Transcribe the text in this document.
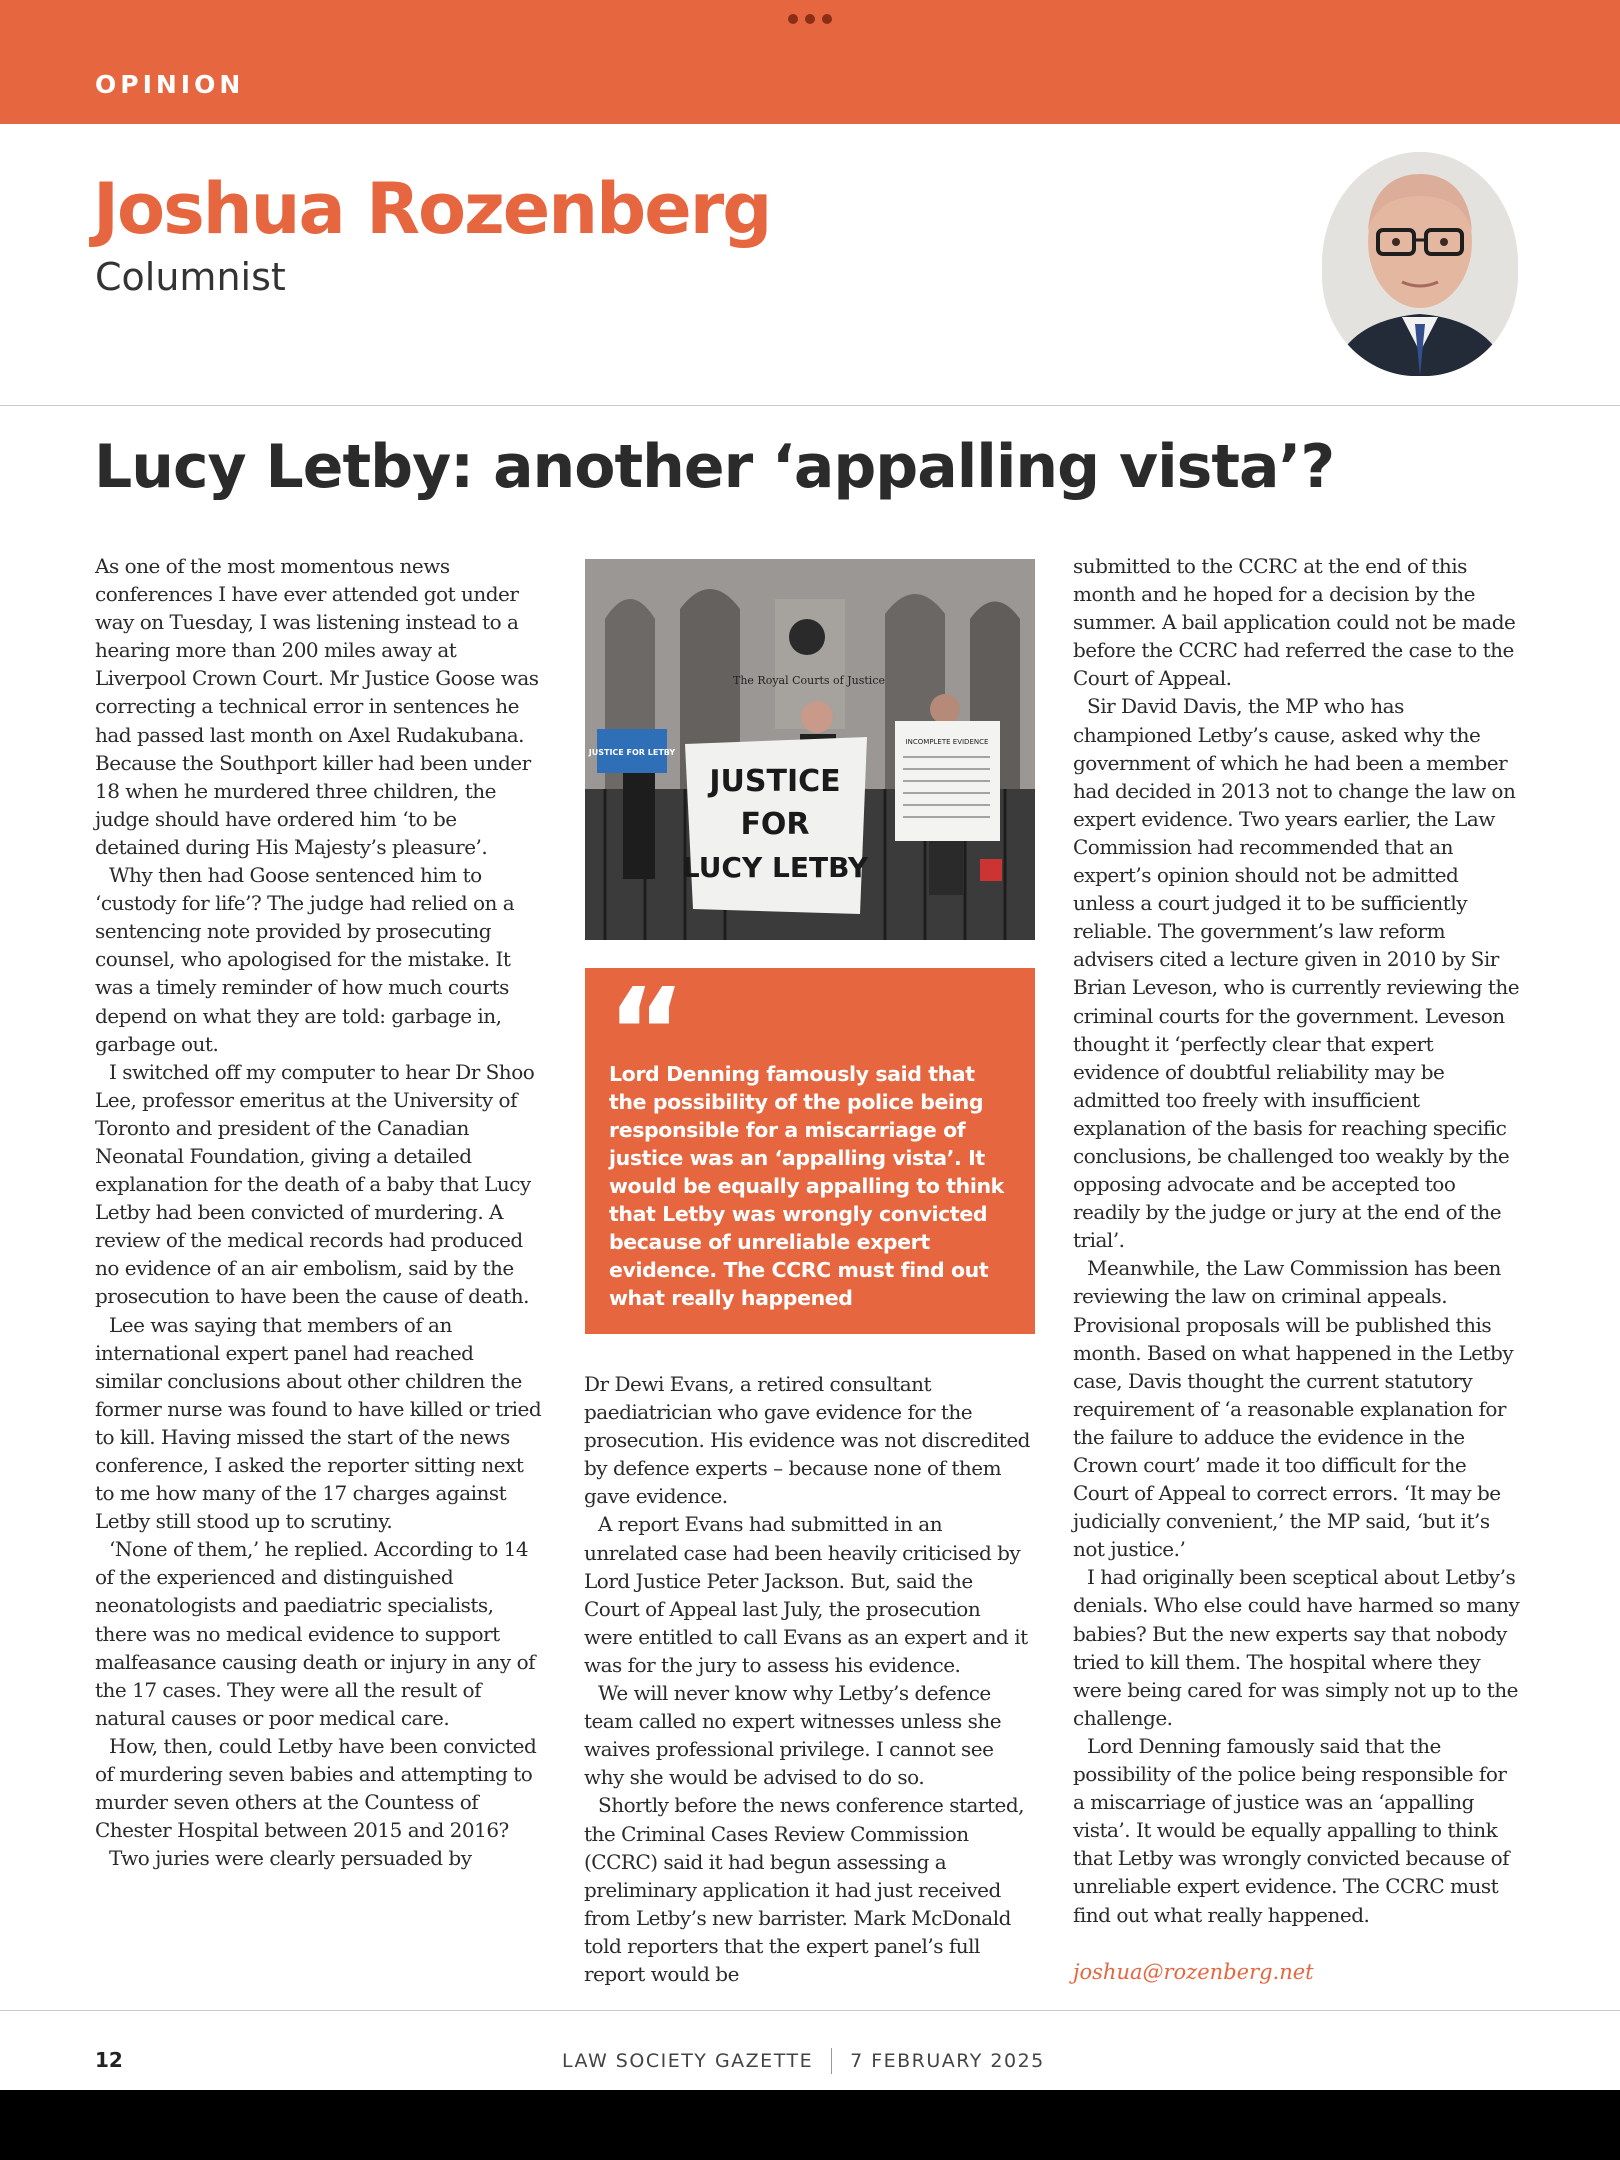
OPINION
Joshua Rozenberg
Columnist
Lucy Letby: another ‘appalling vista’?

As one of the most momentous news conferences I have ever attended got under way on Tuesday, I was listening instead to a hearing more than 200 miles away at Liverpool Crown Court. Mr Justice Goose was correcting a technical error in sentences he had passed last month on Axel Rudakubana. Because the Southport killer had been under 18 when he murdered three children, the judge should have ordered him ‘to be detained during His Majesty’s pleasure’.

Why then had Goose sentenced him to ‘custody for life’? The judge had relied on a sentencing note provided by prosecuting counsel, who apologised for the mistake. It was a timely reminder of how much courts depend on what they are told: garbage in, garbage out.

I switched off my computer to hear Dr Shoo Lee, professor emeritus at the University of Toronto and president of the Canadian Neonatal Foundation, giving a detailed explanation for the death of a baby that Lucy Letby had been convicted of murdering. A review of the medical records had produced no evidence of an air embolism, said by the prosecution to have been the cause of death.

Lee was saying that members of an international expert panel had reached similar conclusions about other children the former nurse was found to have killed or tried to kill. Having missed the start of the news conference, I asked the reporter sitting next to me how many of the 17 charges against Letby still stood up to scrutiny.

‘None of them,’ he replied. According to 14 of the experienced and distinguished neonatologists and paediatric specialists, there was no medical evidence to support malfeasance causing death or injury in any of the 17 cases. They were all the result of natural causes or poor medical care.

How, then, could Letby have been convicted of murdering seven babies and attempting to murder seven others at the Countess of Chester Hospital between 2015 and 2016?

Two juries were clearly persuaded by

The Royal Courts of Justice
JUSTICE FOR LETBY
JUSTICE
FOR
LUCY LETBY
INCOMPLETE EVIDENCE
“
Lord Denning famously said that the possibility of the police being responsible for a miscarriage of justice was an ‘appalling vista’. It would be equally appalling to think that Letby was wrongly convicted because of unreliable expert evidence. The CCRC must find out what really happened

Dr Dewi Evans, a retired consultant paediatrician who gave evidence for the prosecution. His evidence was not discredited by defence experts – because none of them gave evidence.

A report Evans had submitted in an unrelated case had been heavily criticised by Lord Justice Peter Jackson. But, said the Court of Appeal last July, the prosecution were entitled to call Evans as an expert and it was for the jury to assess his evidence.

We will never know why Letby’s defence team called no expert witnesses unless she waives professional privilege. I cannot see why she would be advised to do so.

Shortly before the news conference started, the Criminal Cases Review Commission (CCRC) said it had begun assessing a preliminary application it had just received from Letby’s new barrister. Mark McDonald told reporters that the expert panel’s full report would be

submitted to the CCRC at the end of this month and he hoped for a decision by the summer. A bail application could not be made before the CCRC had referred the case to the Court of Appeal.

Sir David Davis, the MP who has championed Letby’s cause, asked why the government of which he had been a member had decided in 2013 not to change the law on expert evidence. Two years earlier, the Law Commission had recommended that an expert’s opinion should not be admitted unless a court judged it to be sufficiently reliable. The government’s law reform advisers cited a lecture given in 2010 by Sir Brian Leveson, who is currently reviewing the criminal courts for the government. Leveson thought it ‘perfectly clear that expert evidence of doubtful reliability may be admitted too freely with insufficient explanation of the basis for reaching specific conclusions, be challenged too weakly by the opposing advocate and be accepted too readily by the judge or jury at the end of the trial’.

Meanwhile, the Law Commission has been reviewing the law on criminal appeals. Provisional proposals will be published this month. Based on what happened in the Letby case, Davis thought the current statutory requirement of ‘a reasonable explanation for the failure to adduce the evidence in the Crown court’ made it too difficult for the Court of Appeal to correct errors. ‘It may be judicially convenient,’ the MP said, ‘but it’s not justice.’

I had originally been sceptical about Letby’s denials. Who else could have harmed so many babies? But the new experts say that nobody tried to kill them. The hospital where they were being cared for was simply not up to the challenge.

Lord Denning famously said that the possibility of the police being responsible for a miscarriage of justice was an ‘appalling vista’. It would be equally appalling to think that Letby was wrongly convicted because of unreliable expert evidence. The CCRC must find out what really happened.

joshua@rozenberg.net
12	LAW SOCIETY GAZETTE 7 FEBRUARY 2025
